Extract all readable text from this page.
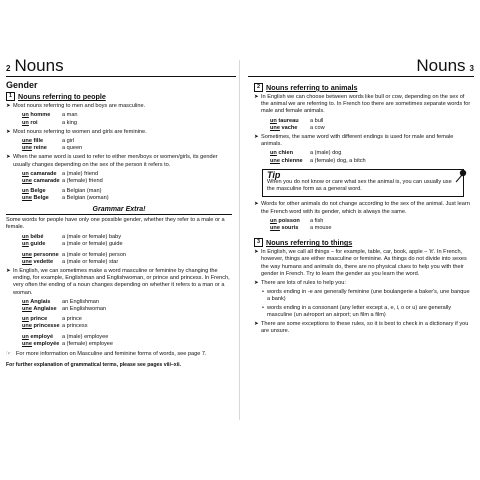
2 Nouns
Gender
1 Nouns referring to people
➤ Most nouns referring to men and boys are masculine.
un homme	a man
un roi	a king
➤ Most nouns referring to women and girls are feminine.
une fille	a girl
une reine	a queen
➤ When the same word is used to refer to either men/boys or women/girls, its gender usually changes depending on the sex of the person it refers to.
un camarade a (male) friend
une camarade a (female) friend
un Belge	a Belgian (man)
une Belge	a Belgian (woman)
Grammar Extra!
Some words for people have only one possible gender, whether they refer to a male or a female.
un bébé	a (male or female) baby
un guide	a (male or female) guide
une personne a (male or female) person
une vedette	a (male or female) star
➤ In English, we can sometimes make a word masculine or feminine by changing the ending, for example, Englishman and Englishwoman, or prince and princess. In French, very often the ending of a noun changes depending on whether it refers to a man or a woman.
un Anglais	an Englishman
une Anglaise an Englishwoman
un prince	a prince
une princesse a princess
un employé	a (male) employee
une employée a (female) employee
☞ For more information on Masculine and feminine forms of words, see page 7.
For further explanation of grammatical terms, please see pages viii–xii.
Nouns 3
2 Nouns referring to animals
➤ In English we can choose between words like bull or cow, depending on the sex of the animal we are referring to. In French too there are sometimes separate words for male and female animals.
un taureau	a bull
une vache	a cow
➤ Sometimes, the same word with different endings is used for male and female animals.
un chien	a (male) dog
une chienne	a (female) dog, a bitch
Tip
When you do not know or care what sex the animal is, you can usually use the masculine form as a general word.
➤ Words for other animals do not change according to the sex of the animal. Just learn the French word with its gender, which is always the same.
un poisson	a fish
une souris	a mouse
3 Nouns referring to things
➤ In English, we call all things – for example, table, car, book, apple – 'it'. In French, however, things are either masculine or feminine. As things do not divide into sexes the way humans and animals do, there are no physical clues to help you with their gender in French. Try to learn the gender as you learn the word.
➤ There are lots of rules to help you:
• words ending in -e are generally feminine (une boulangerie a baker's, une banque a bank)
• words ending in a consonant (any letter except a, e, i, o or u) are generally masculine (un aéroport an airport; un film a film)
➤ There are some exceptions to these rules, so it is best to check in a dictionary if you are unsure.
